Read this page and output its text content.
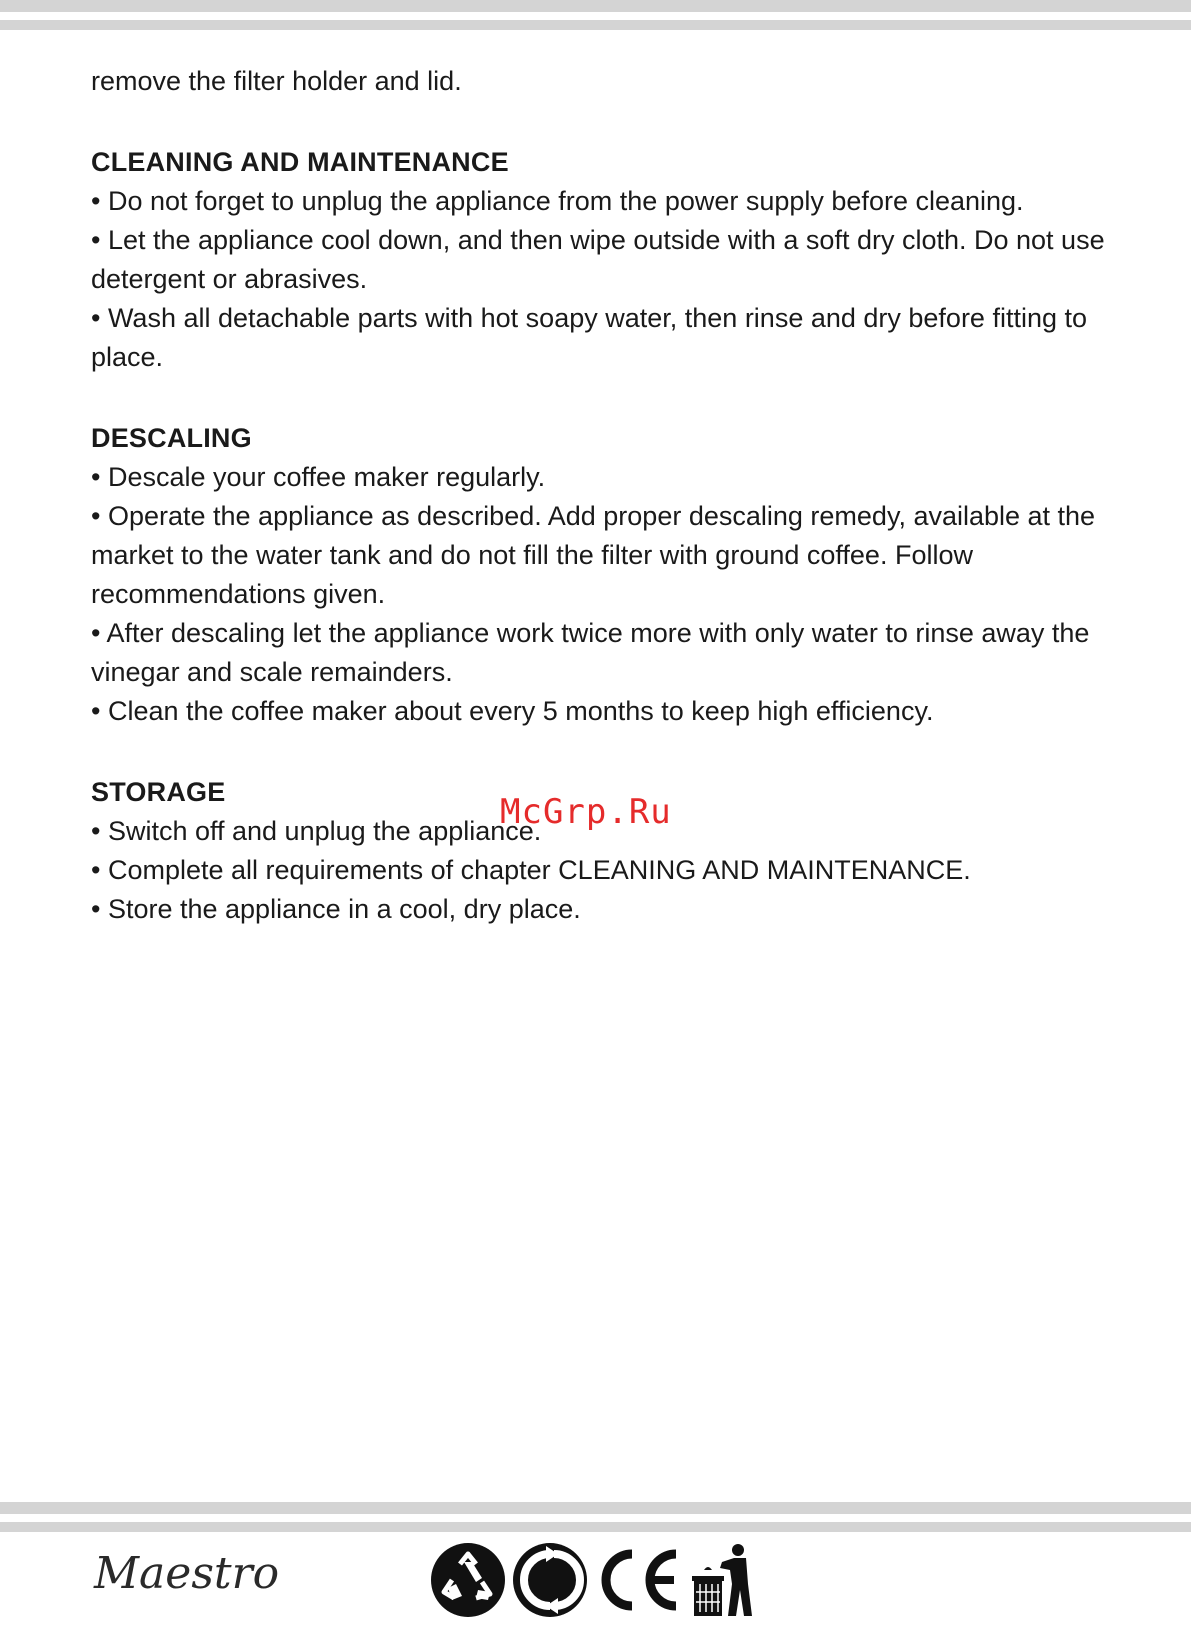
remove the filter holder and lid.

CLEANING AND MAINTENANCE

• Do not forget to unplug the appliance from the power supply before cleaning.

• Let the appliance cool down, and then wipe outside with a soft dry cloth. Do not use detergent or abrasives.

• Wash all detachable parts with hot soapy water, then rinse and dry before fitting to place.

DESCALING

• Descale your coffee maker regularly.

• Operate the appliance as described. Add proper descaling remedy, available at the market to the water tank and do not fill the filter with ground coffee. Follow recommendations given.

• After descaling let the appliance work twice more with only water to rinse away the vinegar and scale remainders.

• Clean the coffee maker about every 5 months to keep high efficiency.

STORAGE

• Switch off and unplug the appliance.

• Complete all requirements of chapter CLEANING AND MAINTENANCE.

• Store the appliance in a cool, dry place.

McGrp.Ru
Maestro
